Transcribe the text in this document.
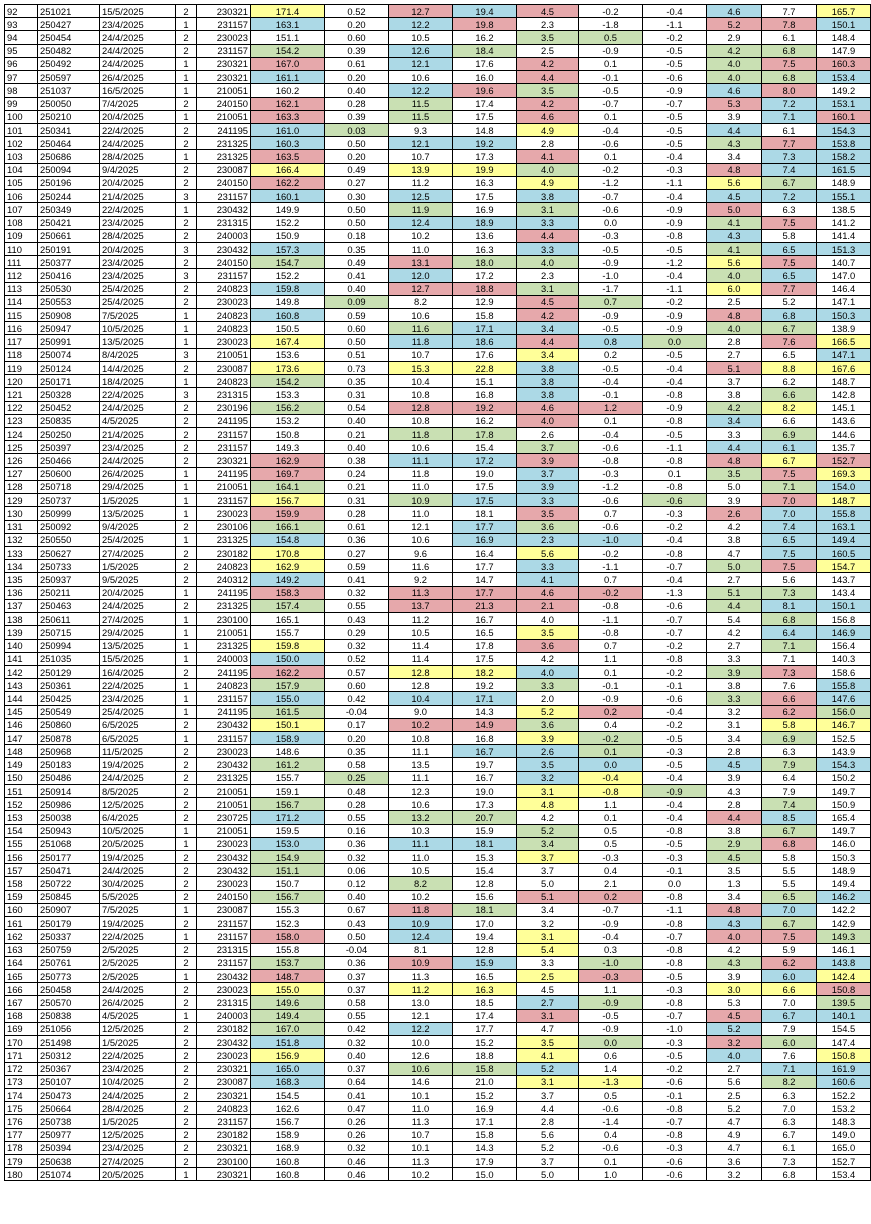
92	251021	15/5/2025	2	230321	171.4	0.52	12.7	19.4	4.5	-0.2	-0.4	4.6	7.7	165.7
93	250427	23/4/2025	1	231157	163.1	0.20	12.2	19.8	2.3	-1.8	-1.1	5.2	7.8	150.1
94	250454	24/4/2025	2	230023	151.1	0.60	10.5	16.2	3.5	0.5	-0.2	2.9	6.1	148.4
95	250482	24/4/2025	2	231157	154.2	0.39	12.6	18.4	2.5	-0.9	-0.5	4.2	6.8	147.9
96	250492	24/4/2025	1	230321	167.0	0.61	12.1	17.6	4.2	0.1	-0.5	4.0	7.5	160.3
97	250597	26/4/2025	1	230321	161.1	0.20	10.6	16.0	4.4	-0.1	-0.6	4.0	6.8	153.4
98	251037	16/5/2025	1	210051	160.2	0.40	12.2	19.6	3.5	-0.5	-0.9	4.6	8.0	149.2
99	250050	7/4/2025	2	240150	162.1	0.28	11.5	17.4	4.2	-0.7	-0.7	5.3	7.2	153.1
100	250210	20/4/2025	1	210051	163.3	0.39	11.5	17.5	4.6	0.1	-0.5	3.9	7.1	160.1
101	250341	22/4/2025	2	241195	161.0	0.03	9.3	14.8	4.9	-0.4	-0.5	4.4	6.1	154.3
102	250464	24/4/2025	2	231325	160.3	0.50	12.1	19.2	2.8	-0.6	-0.5	4.3	7.7	153.8
103	250686	28/4/2025	1	231325	163.5	0.20	10.7	17.3	4.1	0.1	-0.4	3.4	7.3	158.2
104	250094	9/4/2025	2	230087	166.4	0.49	13.9	19.9	4.0	-0.2	-0.3	4.8	7.4	161.5
105	250196	20/4/2025	2	240150	162.2	0.27	11.2	16.3	4.9	-1.2	-1.1	5.6	6.7	148.9
106	250244	21/4/2025	3	231157	160.1	0.30	12.5	17.5	3.8	-0.7	-0.4	4.5	7.2	155.1
107	250349	22/4/2025	1	230432	149.9	0.50	11.9	16.9	3.1	-0.6	-0.9	5.0	6.3	138.5
108	250421	23/4/2025	2	231315	152.2	0.50	12.4	18.9	3.3	0.0	-0.9	4.1	7.5	141.2
109	250661	28/4/2025	2	240003	150.9	0.18	10.2	13.6	4.4	-0.3	-0.8	4.3	5.8	141.4
110	250191	20/4/2025	3	230432	157.3	0.35	11.0	16.3	3.3	-0.5	-0.5	4.1	6.5	151.3
111	250377	23/4/2025	2	240150	154.7	0.49	13.1	18.0	4.0	-0.9	-1.2	5.6	7.5	140.7
112	250416	23/4/2025	3	231157	152.2	0.41	12.0	17.2	2.3	-1.0	-0.4	4.0	6.5	147.0
113	250530	25/4/2025	2	240823	159.8	0.40	12.7	18.8	3.1	-1.7	-1.1	6.0	7.7	146.4
114	250553	25/4/2025	2	230023	149.8	0.09	8.2	12.9	4.5	0.7	-0.2	2.5	5.2	147.1
115	250908	7/5/2025	1	240823	160.8	0.59	10.6	15.8	4.2	-0.9	-0.9	4.8	6.8	150.3
116	250947	10/5/2025	1	240823	150.5	0.60	11.6	17.1	3.4	-0.5	-0.9	4.0	6.7	138.9
117	250991	13/5/2025	1	230023	167.4	0.50	11.8	18.6	4.4	0.8	0.0	2.8	7.6	166.5
118	250074	8/4/2025	3	210051	153.6	0.51	10.7	17.6	3.4	0.2	-0.5	2.7	6.5	147.1
119	250124	14/4/2025	2	230087	173.6	0.73	15.3	22.8	3.8	-0.5	-0.4	5.1	8.8	167.6
120	250171	18/4/2025	1	240823	154.2	0.35	10.4	15.1	3.8	-0.4	-0.4	3.7	6.2	148.7
121	250328	22/4/2025	3	231315	153.3	0.31	10.8	16.8	3.8	-0.1	-0.8	3.8	6.6	142.8
122	250452	24/4/2025	2	230196	156.2	0.54	12.8	19.2	4.6	1.2	-0.9	4.2	8.2	145.1
123	250835	4/5/2025	2	241195	153.2	0.40	10.8	16.2	4.0	0.1	-0.8	3.4	6.6	143.6
124	250250	21/4/2025	2	231157	150.8	0.21	11.8	17.8	2.6	-0.4	-0.5	3.3	6.9	144.6
125	250397	23/4/2025	2	231157	149.3	0.40	10.6	15.4	3.7	-0.6	-1.1	4.4	6.1	135.7
126	250466	24/4/2025	2	230321	162.9	0.38	11.1	17.2	3.9	-0.8	-0.8	4.8	6.7	152.7
127	250600	26/4/2025	1	241195	169.7	0.24	11.8	19.0	3.7	-0.3	0.1	3.5	7.5	169.3
128	250718	29/4/2025	1	210051	164.1	0.21	11.0	17.5	3.9	-1.2	-0.8	5.0	7.1	154.0
129	250737	1/5/2025	1	231157	156.7	0.31	10.9	17.5	3.3	-0.6	-0.6	3.9	7.0	148.7
130	250999	13/5/2025	1	230023	159.9	0.28	11.0	18.1	3.5	0.7	-0.3	2.6	7.0	155.8
131	250092	9/4/2025	2	230106	166.1	0.61	12.1	17.7	3.6	-0.6	-0.2	4.2	7.4	163.1
132	250550	25/4/2025	1	231325	154.8	0.36	10.6	16.9	2.3	-1.0	-0.4	3.8	6.5	149.4
133	250627	27/4/2025	2	230182	170.8	0.27	9.6	16.4	5.6	-0.2	-0.8	4.7	7.5	160.5
134	250733	1/5/2025	2	240823	162.9	0.59	11.6	17.7	3.3	-1.1	-0.7	5.0	7.5	154.7
135	250937	9/5/2025	2	240312	149.2	0.41	9.2	14.7	4.1	0.7	-0.4	2.7	5.6	143.7
136	250211	20/4/2025	1	241195	158.3	0.32	11.3	17.7	4.6	-0.2	-1.3	5.1	7.3	143.4
137	250463	24/4/2025	2	231325	157.4	0.55	13.7	21.3	2.1	-0.8	-0.6	4.4	8.1	150.1
138	250611	27/4/2025	1	230100	165.1	0.43	11.2	16.7	4.0	-1.1	-0.7	5.4	6.8	156.8
139	250715	29/4/2025	1	210051	155.7	0.29	10.5	16.5	3.5	-0.8	-0.7	4.2	6.4	146.9
140	250994	13/5/2025	1	231325	159.8	0.32	11.4	17.8	3.6	0.7	-0.2	2.7	7.1	156.4
141	251035	15/5/2025	1	240003	150.0	0.52	11.4	17.5	4.2	1.1	-0.8	3.3	7.1	140.3
142	250129	16/4/2025	2	241195	162.2	0.57	12.8	18.2	4.0	0.1	-0.2	3.9	7.3	158.6
143	250361	22/4/2025	1	240823	157.9	0.60	12.8	19.2	3.3	-0.1	-0.1	3.8	7.6	155.8
144	250425	23/4/2025	1	231157	155.0	0.42	10.4	17.1	2.0	-0.9	-0.6	3.3	6.6	147.6
145	250549	25/4/2025	1	241195	161.5	-0.04	9.0	14.3	5.2	0.2	-0.4	3.2	6.2	156.0
146	250860	6/5/2025	2	230432	150.1	0.17	10.2	14.9	3.6	0.4	-0.2	3.1	5.8	146.7
147	250878	6/5/2025	1	231157	158.9	0.20	10.8	16.8	3.9	-0.2	-0.5	3.4	6.9	152.5
148	250968	11/5/2025	2	230023	148.6	0.35	11.1	16.7	2.6	0.1	-0.3	2.8	6.3	143.9
149	250183	19/4/2025	2	230432	161.2	0.58	13.5	19.7	3.5	0.0	-0.5	4.5	7.9	154.3
150	250486	24/4/2025	2	231325	155.7	0.25	11.1	16.7	3.2	-0.4	-0.4	3.9	6.4	150.2
151	250914	8/5/2025	2	210051	159.1	0.48	12.3	19.0	3.1	-0.8	-0.9	4.3	7.9	149.7
152	250986	12/5/2025	2	210051	156.7	0.28	10.6	17.3	4.8	1.1	-0.4	2.8	7.4	150.9
153	250038	6/4/2025	2	230725	171.2	0.55	13.2	20.7	4.2	0.1	-0.4	4.4	8.5	165.4
154	250943	10/5/2025	1	210051	159.5	0.16	10.3	15.9	5.2	0.5	-0.8	3.8	6.7	149.7
155	251068	20/5/2025	1	230023	153.0	0.36	11.1	18.1	3.4	0.5	-0.5	2.9	6.8	146.0
156	250177	19/4/2025	2	230432	154.9	0.32	11.0	15.3	3.7	-0.3	-0.3	4.5	5.8	150.3
157	250471	24/4/2025	2	230432	151.1	0.06	10.5	15.4	3.7	0.4	-0.1	3.5	5.5	148.9
158	250722	30/4/2025	2	230023	150.7	0.12	8.2	12.8	5.0	2.1	0.0	1.3	5.5	149.4
159	250845	5/5/2025	2	240150	156.7	0.40	10.2	15.6	5.1	0.2	-0.8	3.4	6.5	146.2
160	250907	7/5/2025	1	230087	155.3	0.67	11.8	18.1	3.4	-0.7	-1.1	4.8	7.0	142.2
161	250179	19/4/2025	2	231157	152.3	0.43	10.9	17.0	3.2	-0.9	-0.8	4.3	6.7	142.9
162	250337	22/4/2025	1	231157	158.0	0.50	12.4	19.4	3.1	-0.4	-0.7	4.0	7.5	149.3
163	250759	2/5/2025	2	231315	155.8	-0.04	8.1	12.8	5.4	0.3	-0.8	4.2	5.9	146.1
164	250761	2/5/2025	2	231157	153.7	0.36	10.9	15.9	3.3	-1.0	-0.8	4.3	6.2	143.8
165	250773	2/5/2025	1	230432	148.7	0.37	11.3	16.5	2.5	-0.3	-0.5	3.9	6.0	142.4
166	250458	24/4/2025	2	230023	155.0	0.37	11.2	16.3	4.5	1.1	-0.3	3.0	6.6	150.8
167	250570	26/4/2025	2	231315	149.6	0.58	13.0	18.5	2.7	-0.9	-0.8	5.3	7.0	139.5
168	250838	4/5/2025	1	240003	149.4	0.55	12.1	17.4	3.1	-0.5	-0.7	4.5	6.7	140.1
169	251056	12/5/2025	2	230182	167.0	0.42	12.2	17.7	4.7	-0.9	-1.0	5.2	7.9	154.5
170	251498	1/5/2025	2	230432	151.8	0.32	10.0	15.2	3.5	0.0	-0.3	3.2	6.0	147.4
171	250312	22/4/2025	2	230023	156.9	0.40	12.6	18.8	4.1	0.6	-0.5	4.0	7.6	150.8
172	250367	23/4/2025	2	230321	165.0	0.37	10.6	15.8	5.2	1.4	-0.2	2.7	7.1	161.9
173	250107	10/4/2025	2	230087	168.3	0.64	14.6	21.0	3.1	-1.3	-0.6	5.6	8.2	160.6
174	250473	24/4/2025	2	230321	154.5	0.41	10.1	15.2	3.7	0.5	-0.1	2.5	6.3	152.2
175	250664	28/4/2025	2	240823	162.6	0.47	11.0	16.9	4.4	-0.6	-0.8	5.2	7.0	153.2
176	250738	1/5/2025	2	231157	156.7	0.26	11.3	17.1	2.8	-1.4	-0.7	4.7	6.3	148.3
177	250977	12/5/2025	2	230182	158.9	0.26	10.7	15.8	5.6	0.4	-0.8	4.9	6.7	149.0
178	250394	23/4/2025	2	230321	168.9	0.32	10.1	14.3	5.2	-0.6	-0.3	4.7	6.1	165.0
179	250638	27/4/2025	2	230100	160.8	0.46	11.3	17.9	3.7	0.1	-0.6	3.6	7.3	152.7
180	251074	20/5/2025	1	230321	160.8	0.46	10.2	15.0	5.0	1.0	-0.6	3.2	6.8	153.4
